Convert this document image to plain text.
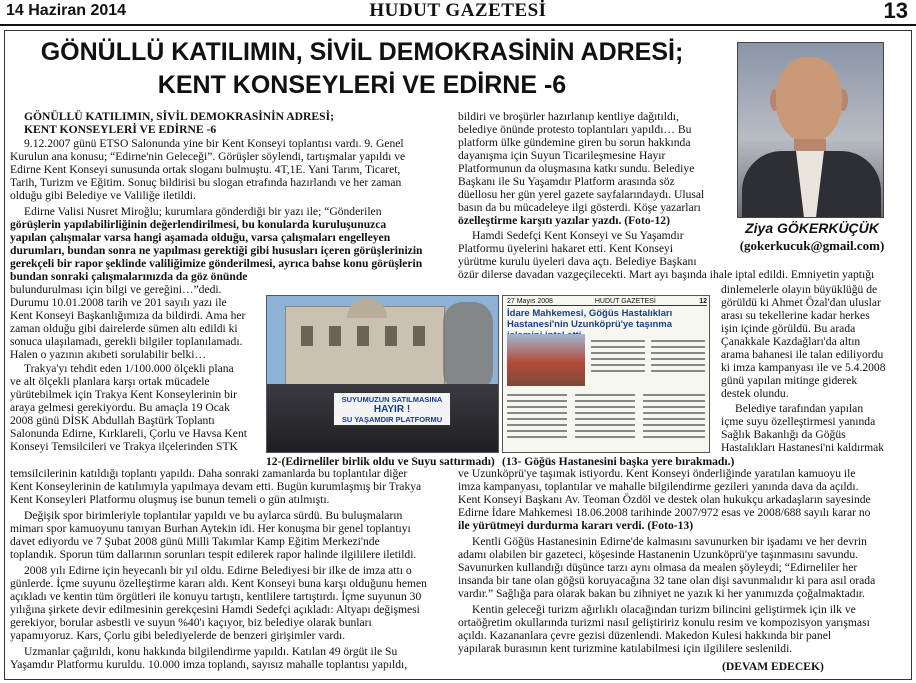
14 Haziran 2014	HUDUT GAZETESİ	13
GÖNÜLLÜ KATILIMIN, SİVİL DEMOKRASİNİN ADRESİ;
KENT KONSEYLERİ VE EDİRNE -6
Ziya GÖKERKÜÇÜK
(gokerkucuk@gmail.com)
GÖNÜLLÜ KATILIMIN, SİVİL DEMOKRASİNİN ADRESİ;
KENT KONSEYLERİ VE EDİRNE -6
9.12.2007 günü ETSO Salonunda yine bir Kent Konseyi toplantısı vardı. 9. Genel
Kurulun ana konusu; “Edirne'nin Geleceği”. Görüşler söylendi, tartışmalar yapıldı ve
Edirne Kent Konseyi sunusunda ortak sloganı bulmuştu. 4T,1E. Yani Tarım, Ticaret,
Tarih, Turizm ve Eğitim. Sonuç bildirisi bu slogan etrafında hazırlandı ve her zaman
olduğu gibi Belediye ve Valiliğe iletildi.
Edirne Valisi Nusret Miroğlu; kurumlara gönderdiği bir yazı ile; “Gönderilen
görüşlerin yapılabilirliğinin değerlendirilmesi, bu konularda kuruluşunuzca
yapılan çalışmalar varsa hangi aşamada olduğu, varsa çalışmaları engelleyen
durumları, bundan sonra ne yapılması gerektiği gibi hususları içeren görüşlerinizin
gerekçeli bir rapor şeklinde valiliğimize gönderilmesi, ayrıca bahse konu görüşlerin
bundan sonraki çalışmalarınızda da göz önünde
bulundurulması için bilgi ve gereğini…”dedi.
Durumu 10.01.2008 tarih ve 201 sayılı yazı ile
Kent Konseyi Başkanlığımıza da bildirdi. Ama her
zaman olduğu gibi dairelerde sümen altı edildi ki
sonuca ulaşılamadı, gerekli bilgiler toplanılamadı.
Halen o yazının akıbeti sorulabilir belki…
Trakya'yı tehdit eden 1/100.000 ölçekli plana
ve alt ölçekli planlara karşı ortak mücadele
yürütebilmek için Trakya Kent Konseylerinin bir
araya gelmesi gerekiyordu. Bu amaçla 19 Ocak
2008 günü DİSK Abdullah Baştürk Toplantı
Salonunda Edirne, Kırklareli, Çorlu ve Havsa Kent
Konseyi Temsilcileri ve Trakya ilçelerinden STK
temsilcilerinin katıldığı toplantı yapıldı. Daha sonraki zamanlarda bu toplantılar diğer
Kent Konseylerinin de katılımıyla yapılmaya devam etti. Bugün kurumlaşmış bir Trakya
Kent Konseyleri Platformu oluşmuş ise bunun temeli o gün atılmıştı.
Değişik spor birimleriyle toplantılar yapıldı ve bu aylarca sürdü. Bu buluşmaların
mimarı spor kamuoyunu tanıyan Burhan Aytekin idi. Her konuşma bir genel toplantıyı
davet ediyordu ve 7 Şubat 2008 günü Milli Takımlar Kamp Eğitim Merkezi'nde
toplandık. Sporun tüm dallarının sorunları tespit edilerek rapor halinde ilgililere iletildi.
2008 yılı Edirne için heyecanlı bir yıl oldu. Edirne Belediyesi bir ilke de imza attı o
günlerde. İçme suyunu özelleştirme kararı aldı. Kent Konseyi buna karşı olduğunu hemen
açıkladı ve kentin tüm örgütleri ile konuyu tartıştı, kentlilere tartıştırdı. İçme suyunun 30
yılığına şirkete devir edilmesinin gerekçesini Hamdi Sedefçi açıkladı: Altyapı değişmesi
gerekiyor, borular asbestli ve suyun %40'ı kaçıyor, biz belediye olarak bunları
yapamıyoruz. Kars, Çorlu gibi belediyelerde de benzeri girişimler vardı.
Uzmanlar çağırıldı, konu hakkında bilgilendirme yapıldı. Katılan 49 örgüt ile Su
Yaşamdır Platformu kuruldu. 10.000 imza toplandı, sayısız mahalle toplantısı yapıldı,
bildiri ve broşürler hazırlanıp kentliye dağıtıldı,
belediye önünde protesto toplantıları yapıldı… Bu
platform ülke gündemine giren bu sorun hakkında
dayanışma için Suyun Ticarileşmesine Hayır
Platformunun da oluşmasına katkı sundu. Belediye
Başkanı ile Su Yaşamdır Platform arasında söz
düellosu her gün yerel gazete sayfalarındaydı. Ulusal
basın da bu mücadeleye ilgi gösterdi. Köşe yazarları
özelleştirme karşıtı yazılar yazdı. (Foto-12)
Hamdi Sedefçi Kent Konseyi ve Su Yaşamdır
Platformu üyelerini hakaret etti. Kent Konseyi
yürütme kurulu üyeleri dava açtı. Belediye Başkanı
özür dilerse davadan vazgeçilecekti. Mart ayı başında ihale iptal edildi. Emniyetin yaptığı
dinlemelerle olayın büyüklüğü de
görüldü ki Ahmet Özal'dan uluslar
arası su tekellerine kadar herkes
işin içinde görüldü. Bu arada
Çanakkale Kazdağları'da altın
arama bahanesi ile talan ediliyordu
ki imza kampanyası ile ve 5.4.2008
günü yapılan mitinge giderek
destek olundu.
Belediye tarafından yapılan
içme suyu özelleştirmesi yanında
Sağlık Bakanlığı da Göğüs
Hastalıkları Hastanesi'ni kaldırmak
SUYUMUZUN SATILMASINA
HAYIR !
SU YAŞAMDIR PLATFORMU
27 Mayıs 2008	HUDUT GAZETESİ	12
İdare Mahkemesi, Göğüs Hastalıkları Hastanesi'nin Uzunköprü'ye taşınma
12-(Edirneliler birlik oldu ve Suyu sattırmadı) (13- Göğüs Hastanesini başka yere bırakmadı.)
ve Uzunköprü'ye taşımak istiyordu. Kent Konseyi önderliğinde yaratılan kamuoyu ile
imza kampanyası, toplantılar ve mahalle bilgilendirme gezileri yanında dava da açıldı.
Kent Konseyi Başkanı Av. Teoman Özdöl ve destek olan hukukçu arkadaşların sayesinde
Edirne İdare Mahkemesi 18.06.2008 tarihinde 2007/972 esas ve 2008/688 sayılı karar no
ile yürütmeyi durdurma kararı verdi. (Foto-13)
Kentli Göğüs Hastanesinin Edirne'de kalmasını savunurken bir işadamı ve her devrin
adamı olabilen bir gazeteci, köşesinde Hastanenin Uzunköprü'ye taşınmasını savundu.
Savunurken kullandığı düşünce tarzı aynı olmasa da mealen şöyleydi; “Edirneliler her
insanda bir tane olan göğsü koruyacağına 32 tane olan dişi savunmalıdır ki para asıl orada
vardır.” Sağlığa para olarak bakan bu zihniyet ne yazık ki her yanımızda çoğalmaktadır.
Kentin geleceği turizm ağırlıklı olacağından turizm bilincini geliştirmek için ilk ve
ortaöğretim okullarında turizmi nasıl geliştiririz konulu resim ve kompozisyon yarışması
açıldı. Kazananlara çevre gezisi düzenlendi. Makedon Kulesi hakkında bir panel
yapılarak burasının kent turizmine katılabilmesi için ilgililere seslenildi.
(DEVAM EDECEK)
